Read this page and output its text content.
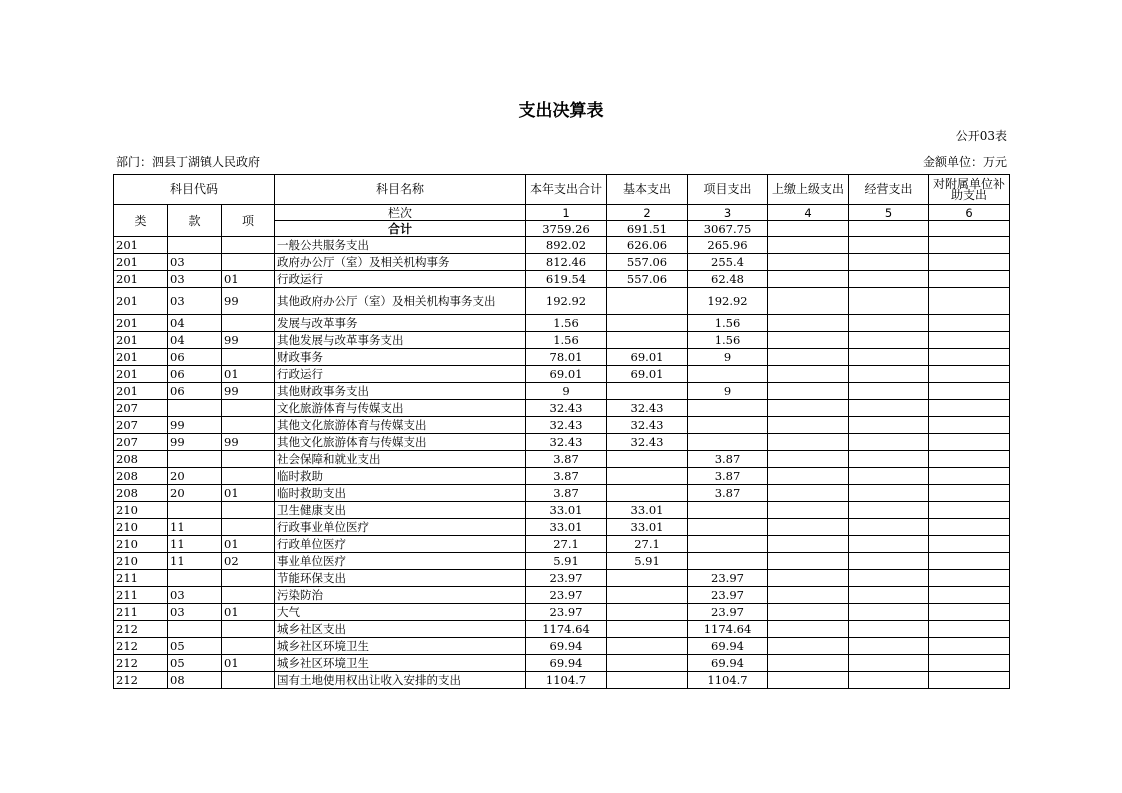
支出决算表
公开03表
部门：泗县丁湖镇人民政府	金额单位：万元
科目代码			科目名称	本年支出合计	基本支出	项目支出	上缴上级支出	经营支出	对附属单位补助支出
类	款	项	栏次	1	2	3	4	5	6
			合计	3759.26	691.51	3067.75			
201			一般公共服务支出	892.02	626.06	265.96			
201	03		政府办公厅（室）及相关机构事务	812.46	557.06	255.4			
201	03	01	行政运行	619.54	557.06	62.48			
201	03	99	其他政府办公厅（室）及相关机构事务支出	192.92		192.92			
201	04		发展与改革事务	1.56		1.56			
201	04	99	其他发展与改革事务支出	1.56		1.56			
201	06		财政事务	78.01	69.01	9			
201	06	01	行政运行	69.01	69.01				
201	06	99	其他财政事务支出	9		9			
207			文化旅游体育与传媒支出	32.43	32.43				
207	99		其他文化旅游体育与传媒支出	32.43	32.43				
207	99	99	其他文化旅游体育与传媒支出	32.43	32.43				
208			社会保障和就业支出	3.87		3.87			
208	20		临时救助	3.87		3.87			
208	20	01	临时救助支出	3.87		3.87			
210			卫生健康支出	33.01	33.01				
210	11		行政事业单位医疗	33.01	33.01				
210	11	01	行政单位医疗	27.1	27.1				
210	11	02	事业单位医疗	5.91	5.91				
211			节能环保支出	23.97		23.97			
211	03		污染防治	23.97		23.97			
211	03	01	大气	23.97		23.97			
212			城乡社区支出	1174.64		1174.64			
212	05		城乡社区环境卫生	69.94		69.94			
212	05	01	城乡社区环境卫生	69.94		69.94			
212	08		国有土地使用权出让收入安排的支出	1104.7		1104.7			
